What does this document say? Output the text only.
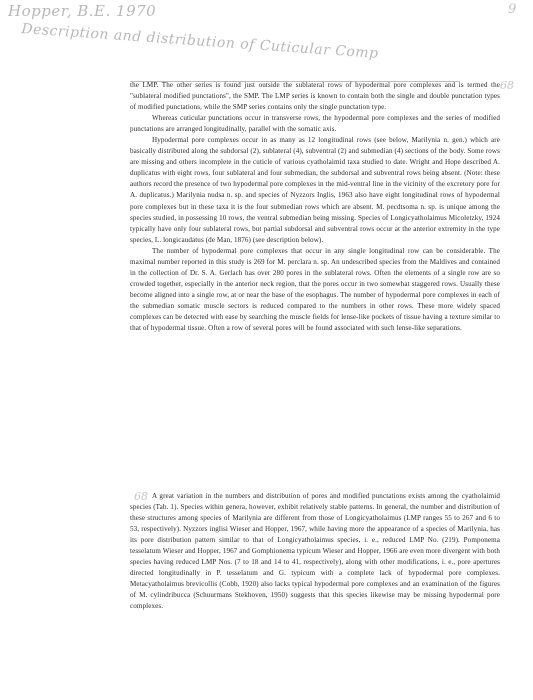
Hopper, B.E. 1970
Description and distribution of Cuticular Comp
9
68
68

the LMP. The other series is found just outside the sublateral rows of hypodermal pore complexes and is termed the "sublateral modified punctations", the SMP. The LMP series is known to contain both the single and double punctation types of modified punctations, while the SMP series contains only the single punctation type.

Whereas cuticular punctations occur in transverse rows, the hypodermal pore complexes and the series of modified punctations are arranged longitudinally, parallel with the somatic axis.

Hypodermal pore complexes occur in as many as 12 longitudinal rows (see below, Marilynia n. gen.) which are basically distributed along the subdorsal (2), sublateral (4), subventral (2) and submedian (4) sections of the body. Some rows are missing and others incomplete in the cuticle of various cyatholaimid taxa studied to date. Wright and Hope described A. duplicatus with eight rows, four sublateral and four submedian, the subdorsal and subventral rows being absent. (Note: these authors record the presence of two hypodermal pore complexes in the mid-ventral line in the vicinity of the excretory pore for A. duplicatus.) Marilynia nudsa n. sp. and species of Nyzzors Inglis, 1963 also have eight longitudinal rows of hypodermal pore complexes but in these taxa it is the four submedian rows which are absent. M. pecdtsoma n. sp. is unique among the species studied, in possessing 10 rows, the ventral submedian being missing. Species of Longicyatholaimus Micoletzky, 1924 typically have only four sublateral rows, but partial subdorsal and subventral rows occur at the anterior extremity in the type species, L. longicaudatus (de Man, 1876) (see description below).

The number of hypodermal pore complexes that occur in any single longitudinal row can be considerable. The maximal number reported in this study is 269 for M. perclara n. sp. An undescribed species from the Maldives and contained in the collection of Dr. S. A. Gerlach has over 280 pores in the sublateral rows. Often the elements of a single row are so crowded together, especially in the anterior neck region, that the pores occur in two somewhat staggered rows. Usually these become aligned into a single row, at or near the base of the esophagus. The number of hypodermal pore complexes in each of the submedian somatic muscle sectors is reduced compared to the numbers in other rows. These more widely spaced complexes can be detected with ease by searching the muscle fields for lense-like pockets of tissue having a texture similar to that of hypodermal tissue. Often a row of several pores will be found associated with such lense-like separations.

A great variation in the numbers and distribution of pores and modified punctations exists among the cyatholaimid species (Tab. 1). Species within genera, however, exhibit relatively stable patterns. In general, the number and distribution of these structures among species of Marilynia are different from those of Longicyatholaimus (LMP ranges 55 to 267 and 6 to 53, respectively). Nyzzors inglisi Wieser and Hopper, 1967, while having more the appearance of a species of Marilynia, has its pore distribution pattern similar to that of Longicyatholaimus species, i. e., reduced LMP No. (219). Pomponema tesselatum Wieser and Hopper, 1967 and Gomphionema typicum Wieser and Hopper, 1966 are even more divergent with both species having reduced LMP Nos. (7 to 18 and 14 to 41, respectively), along with other modifications, i. e., pore apertures directed longitudinally in P. tesselatum and G. typicum with a complete lack of hypodermal pore complexes. Metacyatholaimus brevicollis (Cobb, 1920) also lacks typical hypodermal pore complexes and an examination of the figures of M. cylindribucca (Schuurmans Stekhoven, 1950) suggests that this species likewise may be missing hypodermal pore complexes.
